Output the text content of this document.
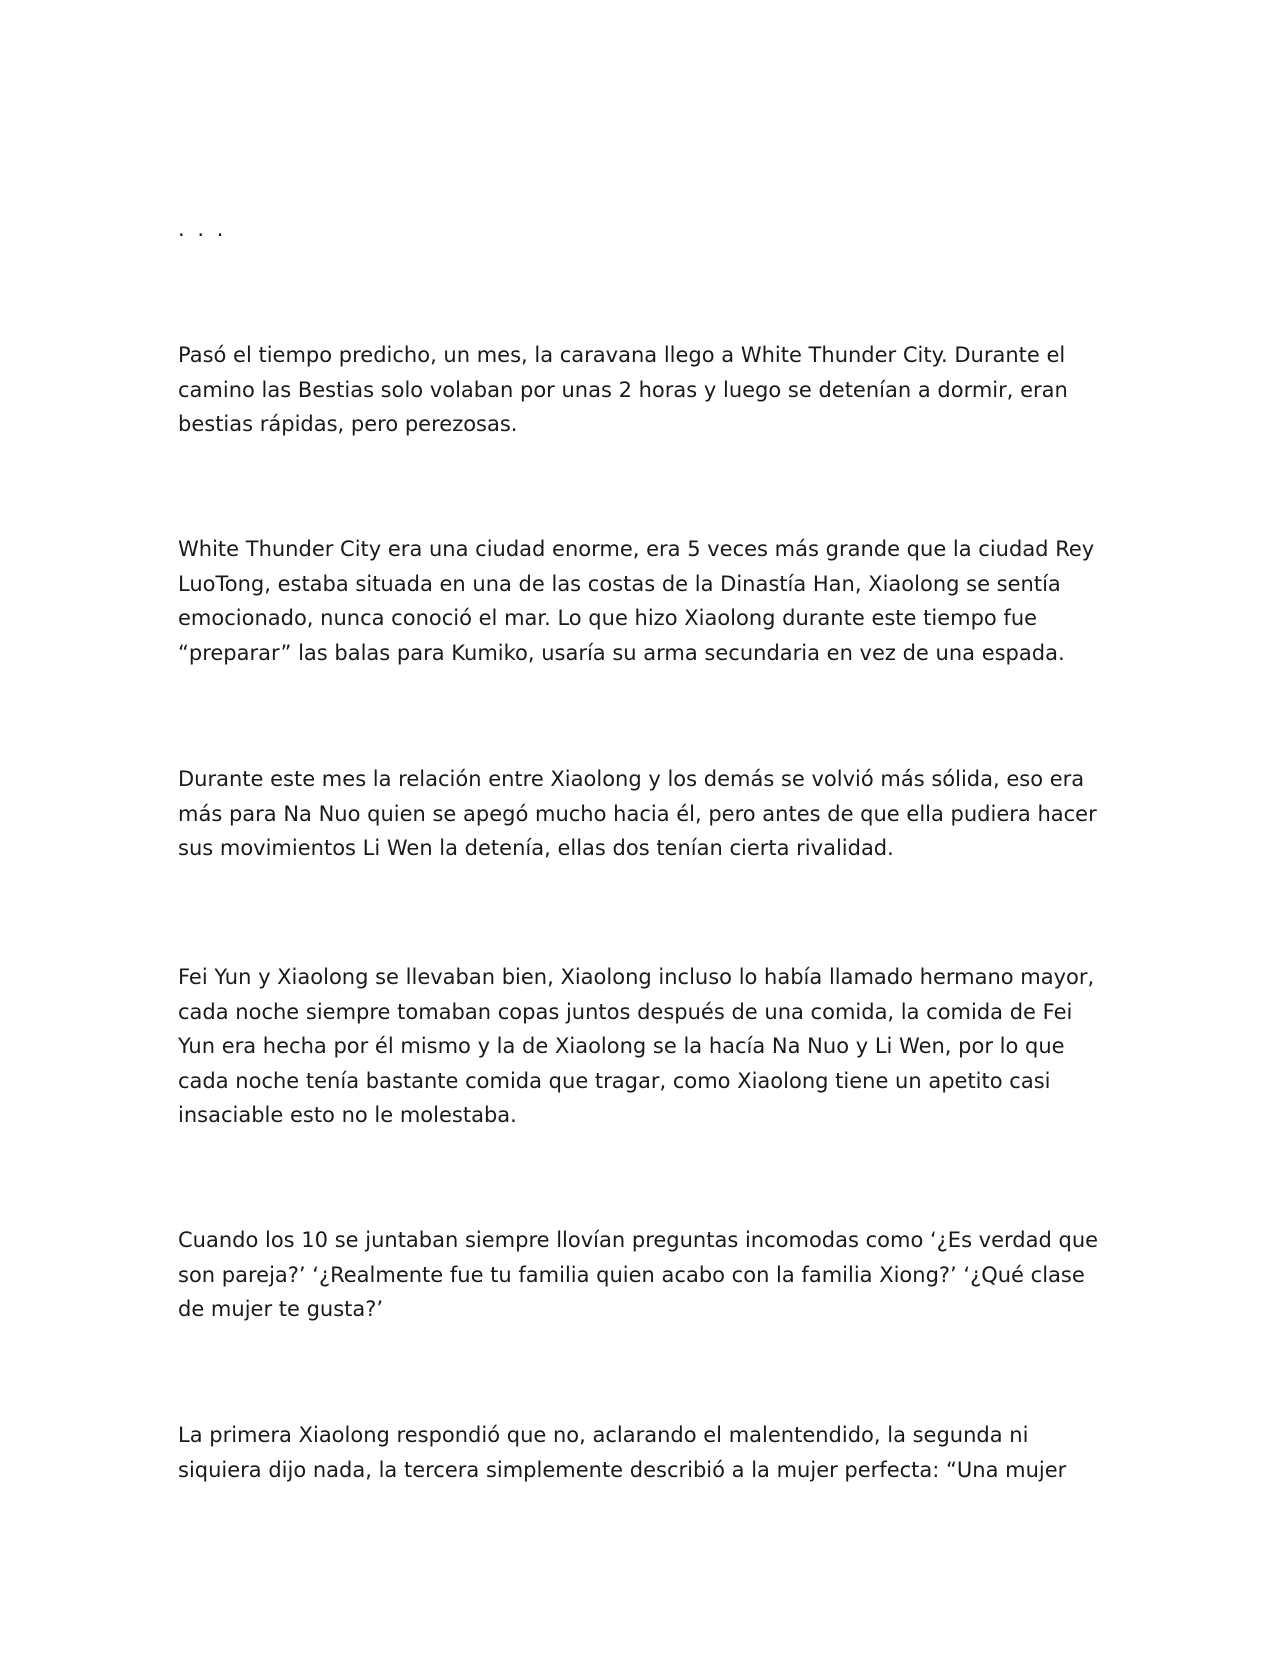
. . .

Pasó el tiempo predicho, un mes, la caravana llego a White Thunder City. Durante el camino las Bestias solo volaban por unas 2 horas y luego se detenían a dormir, eran bestias rápidas, pero perezosas.

White Thunder City era una ciudad enorme, era 5 veces más grande que la ciudad Rey LuoTong, estaba situada en una de las costas de la Dinastía Han, Xiaolong se sentía emocionado, nunca conoció el mar. Lo que hizo Xiaolong durante este tiempo fue “preparar” las balas para Kumiko, usaría su arma secundaria en vez de una espada.

Durante este mes la relación entre Xiaolong y los demás se volvió más sólida, eso era más para Na Nuo quien se apegó mucho hacia él, pero antes de que ella pudiera hacer sus movimientos Li Wen la detenía, ellas dos tenían cierta rivalidad.

Fei Yun y Xiaolong se llevaban bien, Xiaolong incluso lo había llamado hermano mayor, cada noche siempre tomaban copas juntos después de una comida, la comida de Fei Yun era hecha por él mismo y la de Xiaolong se la hacía Na Nuo y Li Wen, por lo que cada noche tenía bastante comida que tragar, como Xiaolong tiene un apetito casi insaciable esto no le molestaba.

Cuando los 10 se juntaban siempre llovían preguntas incomodas como ‘¿Es verdad que son pareja?’ ‘¿Realmente fue tu familia quien acabo con la familia Xiong?’ ‘¿Qué clase de mujer te gusta?’

La primera Xiaolong respondió que no, aclarando el malentendido, la segunda ni siquiera dijo nada, la tercera simplemente describió a la mujer perfecta: “Una mujer
